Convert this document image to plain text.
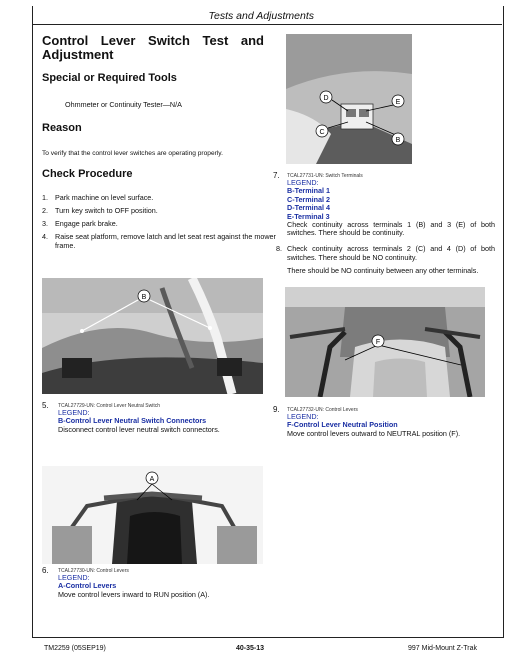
Tests and Adjustments
Control Lever Switch Test and
Adjustment
Special or Required Tools
Ohmmeter or Continuity Tester—N/A
Reason
To verify that the control lever switches are operating properly.
Check Procedure
1. Park machine on level surface.
2. Turn key switch to OFF position.
3. Engage park brake.
4. Raise seat platform, remove latch and let seat rest against the mower frame.
B
5. TCAL27729-UN: Control Lever Neutral Switch
LEGEND:
B-Control Lever Neutral Switch Connectors
Disconnect control lever neutral switch connectors.
A
6. TCAL27730-UN: Control Levers
LEGEND:
A-Control Levers
Move control levers inward to RUN position (A).
D
E
C
B
7. TCAL27731-UN: Switch Terminals
LEGEND:
B-Terminal 1
C-Terminal 2
D-Terminal 4
E-Terminal 3
Check continuity across terminals 1 (B) and 3 (E) of both switches. There should be continuity.
8. Check continuity across terminals 2 (C) and 4 (D) of both switches. There should be NO continuity.
There should be NO continuity between any other terminals.
F
9. TCAL27732-UN: Control Levers
LEGEND:
F-Control Lever Neutral Position
Move control levers outward to NEUTRAL position (F).
TM2259 (05SEP19)	40-35-13	997 Mid-Mount Z-Trak
